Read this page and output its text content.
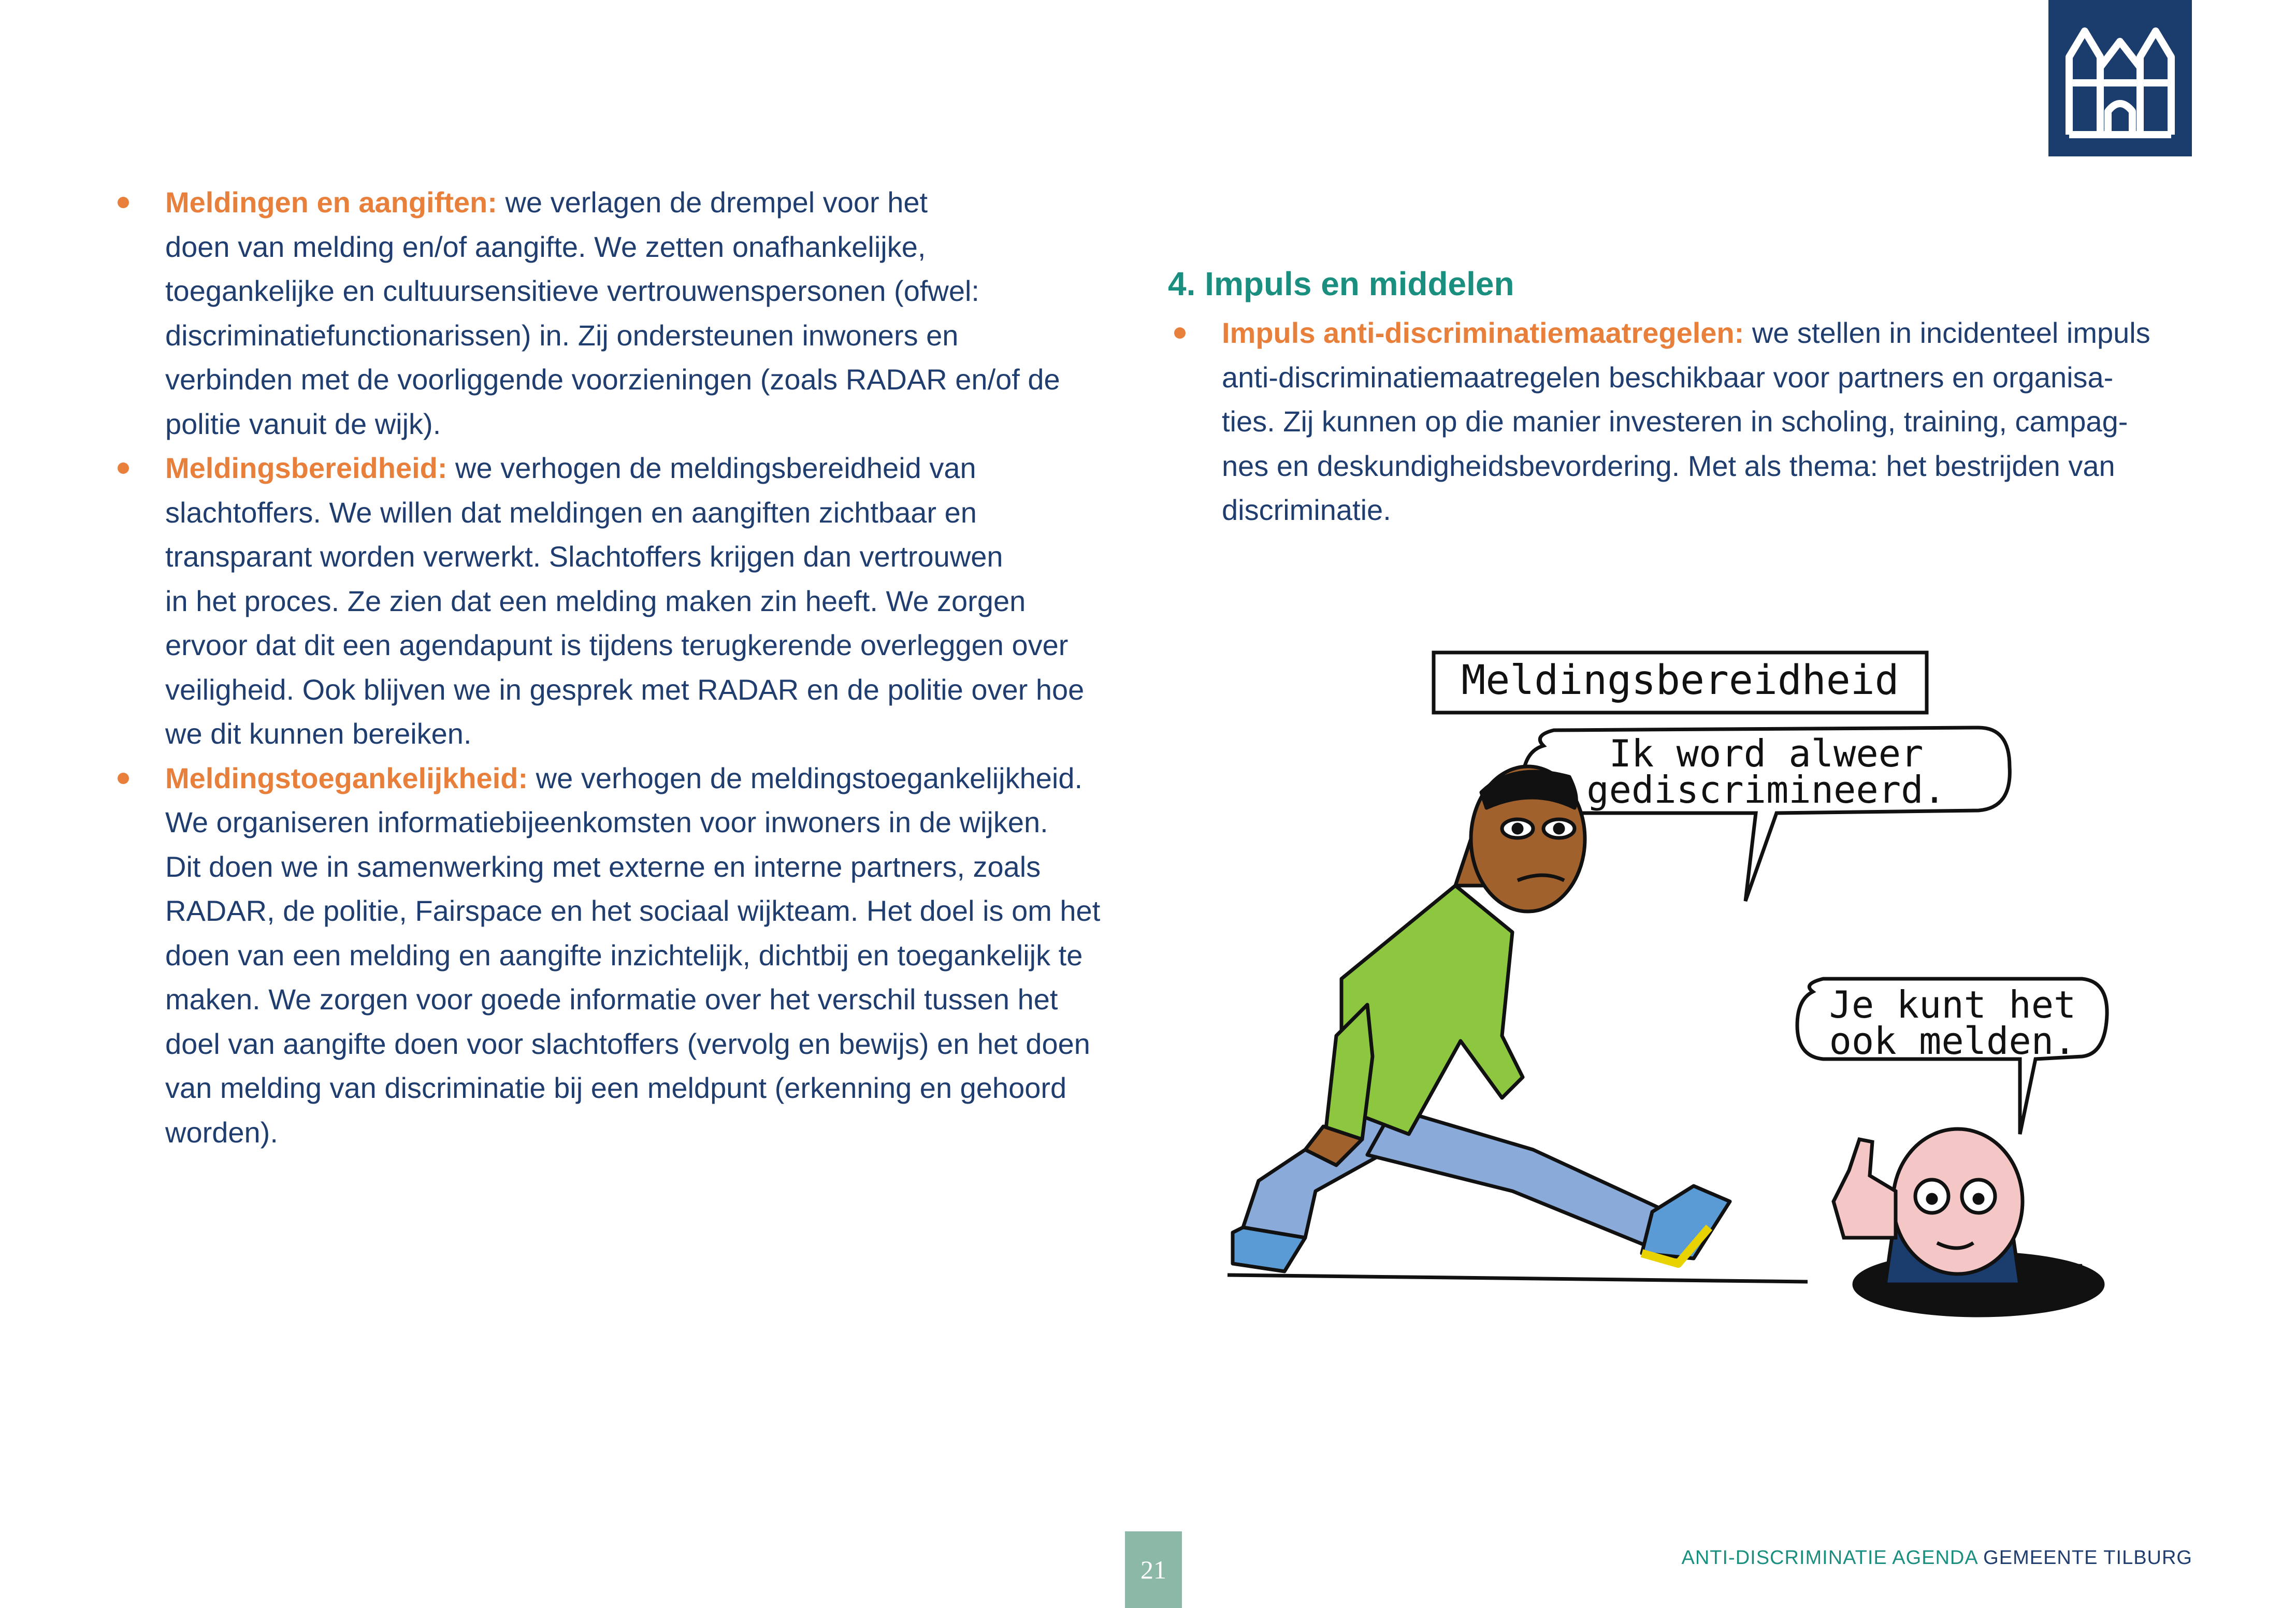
Meldingen en aangiften: we verlagen de drempel voor het
doen van melding en/of aangifte. We zetten onafhankelijke,
toegankelijke en cultuursensitieve vertrouwenspersonen (ofwel:
discriminatiefunctionarissen) in. Zij ondersteunen inwoners en
verbinden met de voorliggende voorzieningen (zoals RADAR en/of de
politie vanuit de wijk).
Meldingsbereidheid: we verhogen de meldingsbereidheid van
slachtoffers. We willen dat meldingen en aangiften zichtbaar en
transparant worden verwerkt. Slachtoffers krijgen dan vertrouwen
in het proces. Ze zien dat een melding maken zin heeft. We zorgen
ervoor dat dit een agendapunt is tijdens terugkerende overleggen over
veiligheid. Ook blijven we in gesprek met RADAR en de politie over hoe
we dit kunnen bereiken.
Meldingstoegankelijkheid: we verhogen de meldingstoegankelijkheid.
We organiseren informatiebijeenkomsten voor inwoners in de wijken.
Dit doen we in samenwerking met externe en interne partners, zoals
RADAR, de politie, Fairspace en het sociaal wijkteam. Het doel is om het
doen van een melding en aangifte inzichtelijk, dichtbij en toegankelijk te
maken. We zorgen voor goede informatie over het verschil tussen het
doel van aangifte doen voor slachtoffers (vervolg en bewijs) en het doen
van melding van discriminatie bij een meldpunt (erkenning en gehoord
worden).
4. Impuls en middelen
Impuls anti-discriminatiemaatregelen: we stellen in incidenteel impuls
anti-discriminatiemaatregelen beschikbaar voor partners en organisa-
ties. Zij kunnen op die manier investeren in scholing, training, campag-
nes en deskundigheidsbevordering. Met als thema: het bestrijden van
discriminatie.
Meldingsbereidheid
Ik word alweer
gediscrimineerd.
Je kunt het
ook melden.
JdL
21	ANTI-DISCRIMINATIE AGENDA GEMEENTE TILBURG
